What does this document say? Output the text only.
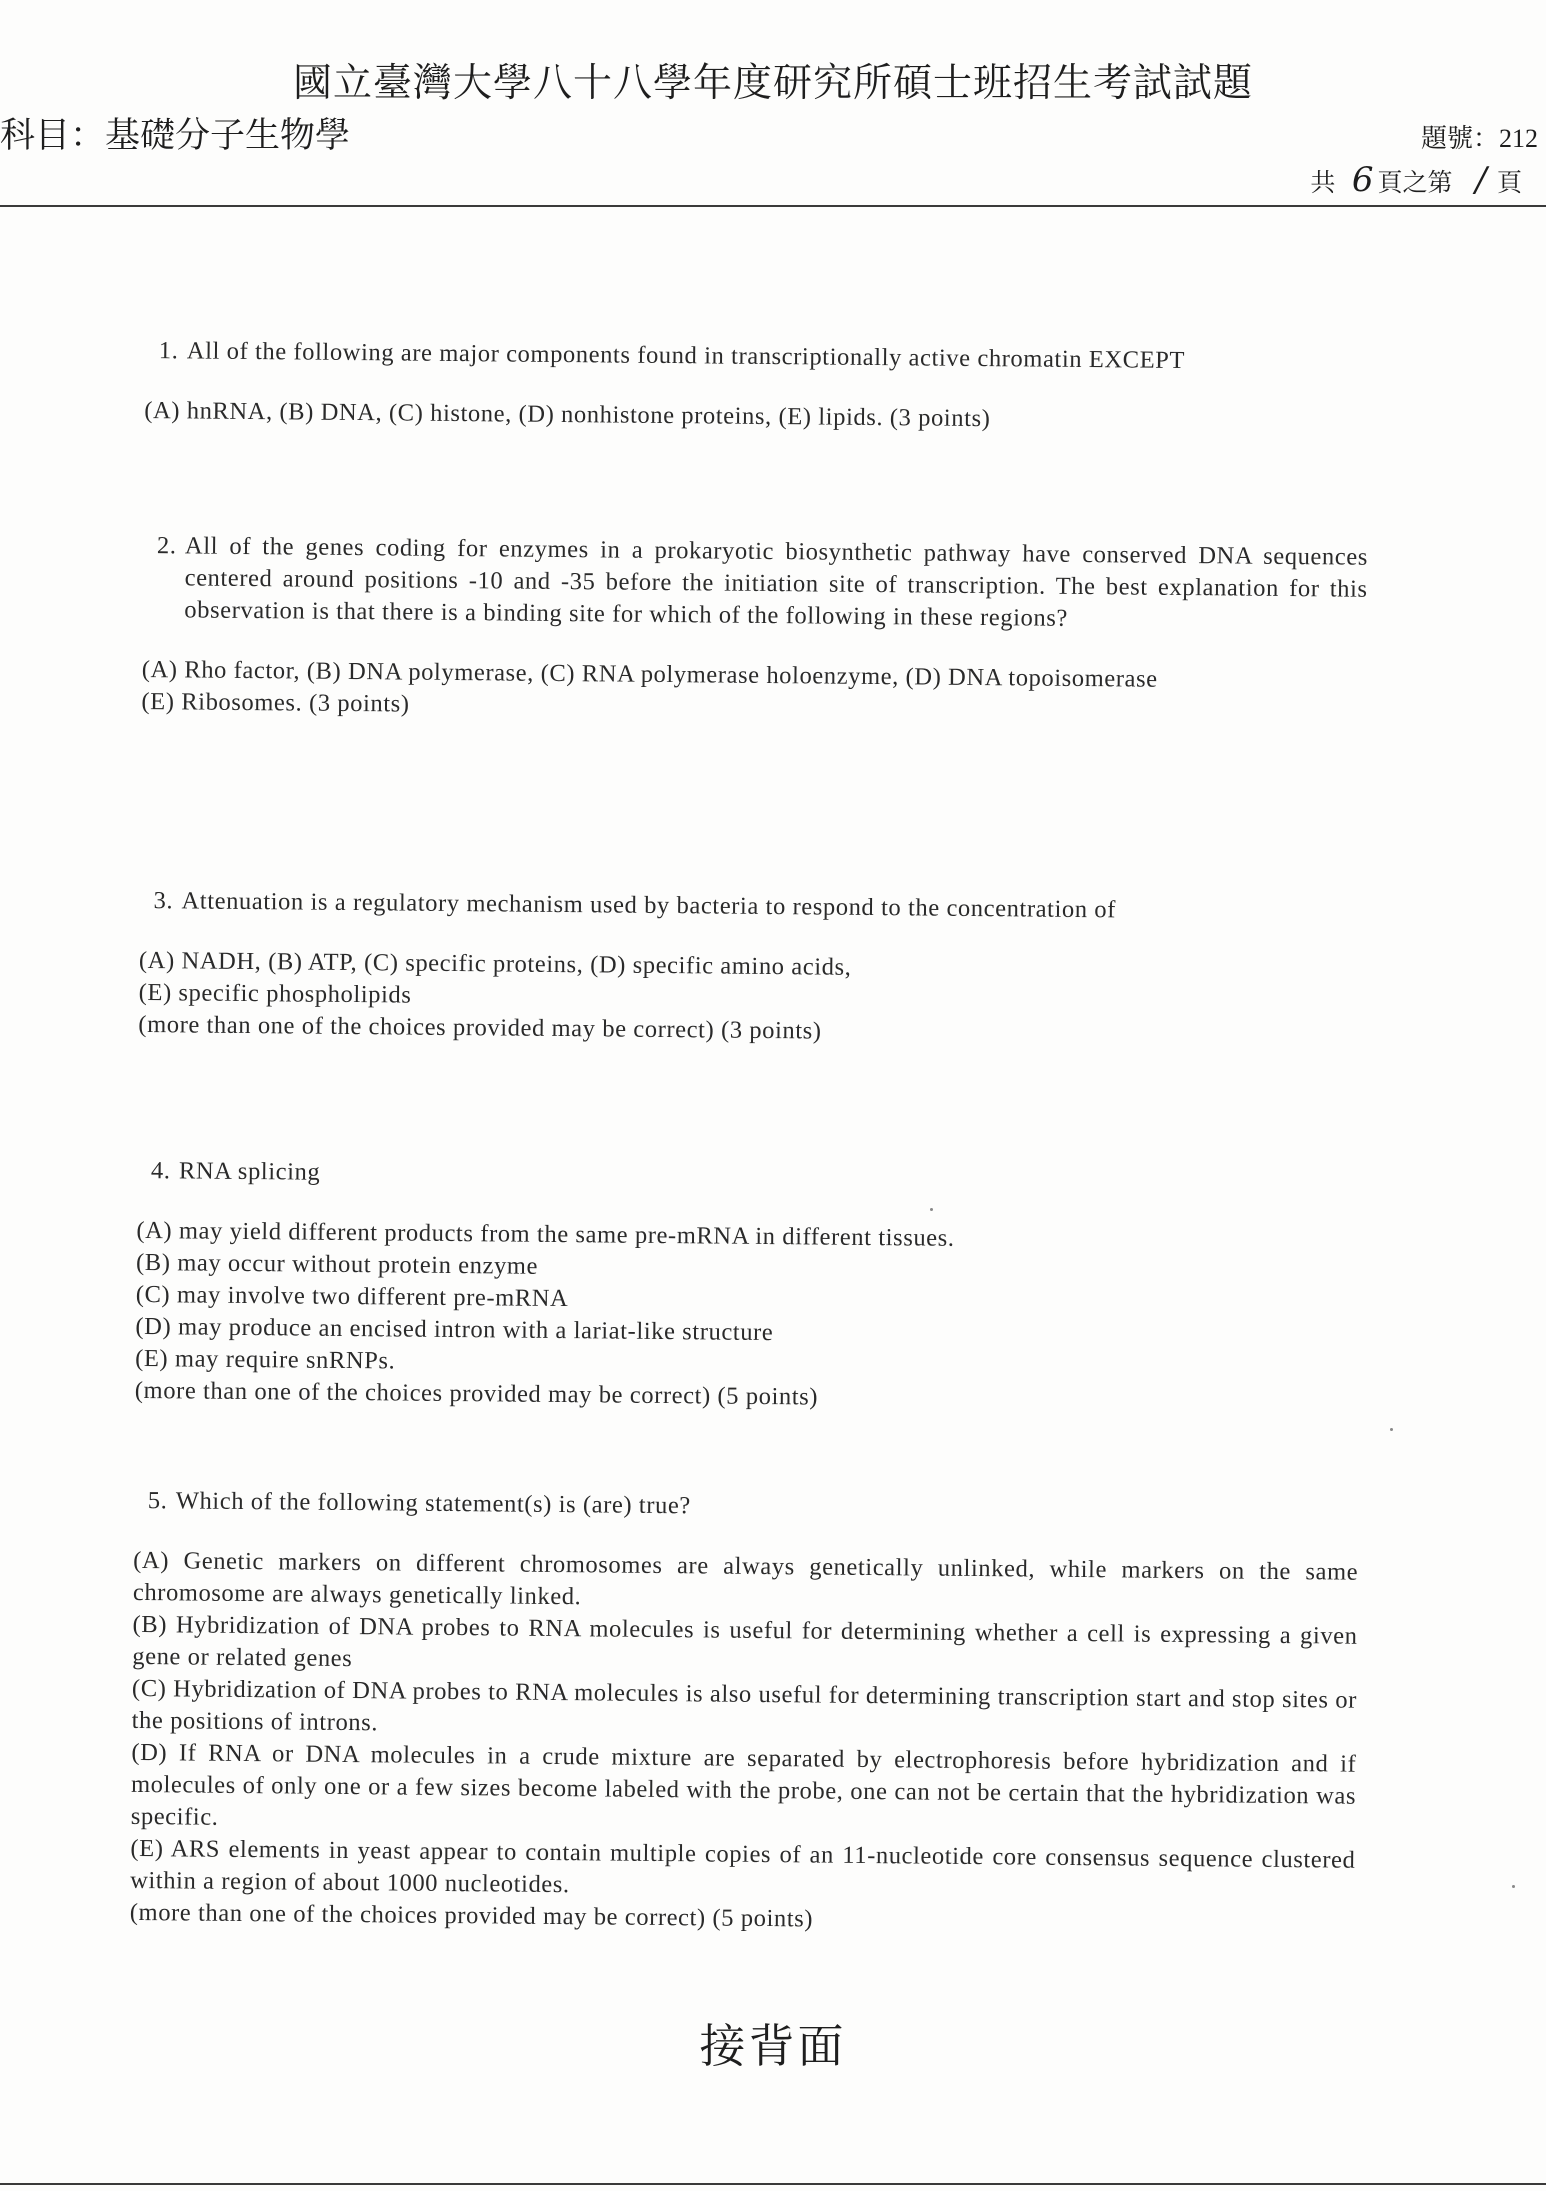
國立臺灣大學八十八學年度研究所碩士班招生考試試題
科目：基礎分子生物學	題號：212
共 6 頁之第 / 頁
1. All of the following are major components found in transcriptionally active chromatin EXCEPT
(A) hnRNA, (B) DNA, (C) histone, (D) nonhistone proteins, (E) lipids. (3 points)
2. All of the genes coding for enzymes in a prokaryotic biosynthetic pathway have conserved DNA sequences centered around positions -10 and -35 before the initiation site of transcription. The best explanation for this observation is that there is a binding site for which of the following in these regions?
(A) Rho factor, (B) DNA polymerase, (C) RNA polymerase holoenzyme, (D) DNA topoisomerase
(E) Ribosomes. (3 points)
3. Attenuation is a regulatory mechanism used by bacteria to respond to the concentration of
(A) NADH, (B) ATP, (C) specific proteins, (D) specific amino acids,
(E) specific phospholipids
(more than one of the choices provided may be correct) (3 points)
4. RNA splicing
(A) may yield different products from the same pre-mRNA in different tissues.
(B) may occur without protein enzyme
(C) may involve two different pre-mRNA
(D) may produce an encised intron with a lariat-like structure
(E) may require snRNPs.
(more than one of the choices provided may be correct) (5 points)
5. Which of the following statement(s) is (are) true?
(A) Genetic markers on different chromosomes are always genetically unlinked, while markers on the same chromosome are always genetically linked.
(B) Hybridization of DNA probes to RNA molecules is useful for determining whether a cell is expressing a given gene or related genes
(C) Hybridization of DNA probes to RNA molecules is also useful for determining transcription start and stop sites or the positions of introns.
(D) If RNA or DNA molecules in a crude mixture are separated by electrophoresis before hybridization and if molecules of only one or a few sizes become labeled with the probe, one can not be certain that the hybridization was specific.
(E) ARS elements in yeast appear to contain multiple copies of an 11-nucleotide core consensus sequence clustered within a region of about 1000 nucleotides.
(more than one of the choices provided may be correct) (5 points)
接背面
